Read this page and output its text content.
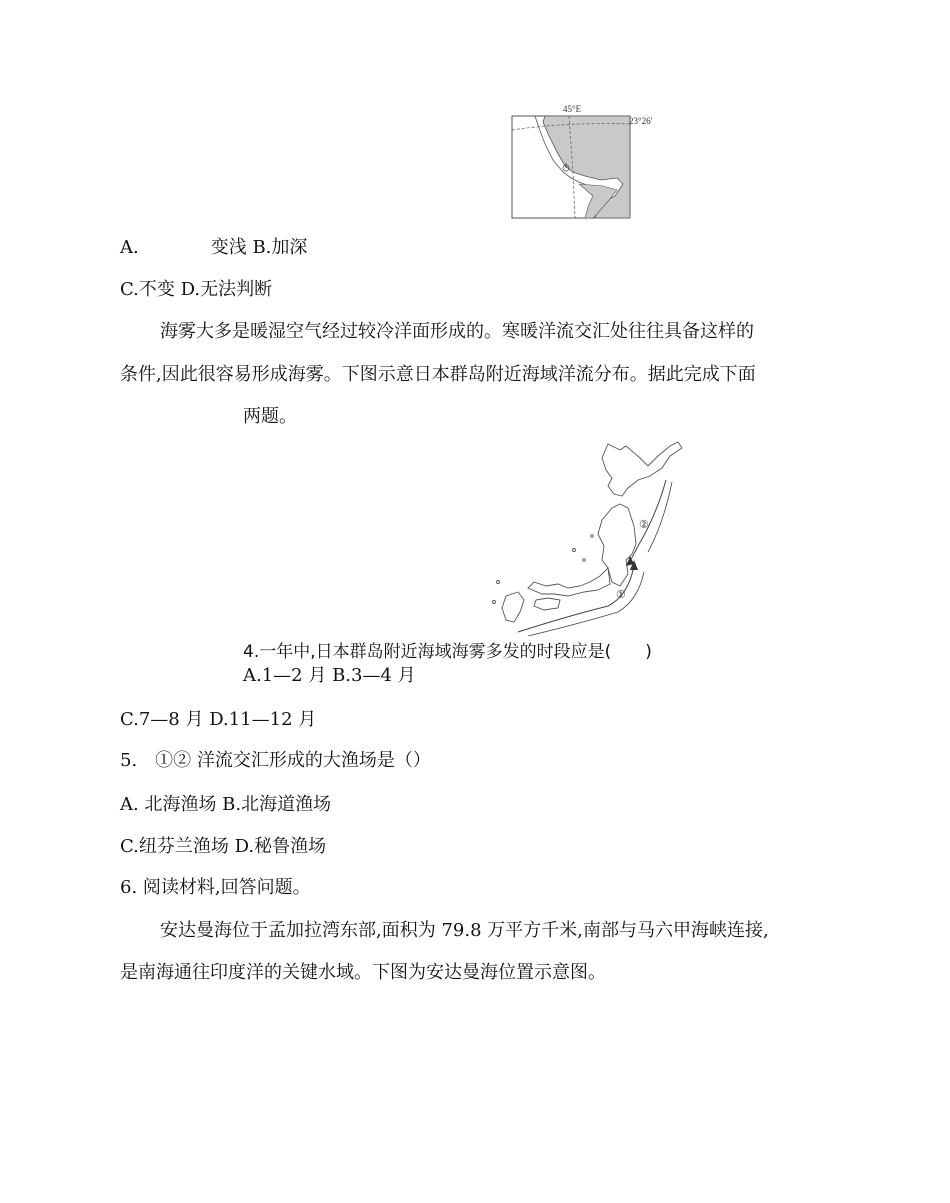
45°E
23°26′
Ⅰ
A.　　　　变浅 B.加深
C.不变 D.无法判断
海雾大多是暖湿空气经过较冷洋面形成的。寒暖洋流交汇处往往具备这样的
条件,因此很容易形成海雾。下图示意日本群岛附近海域洋流分布。据此完成下面
两题。
①
②
4.一年中,日本群岛附近海域海雾多发的时段应是(　　)
A.1—2 月 B.3—4 月
C.7—8 月 D.11—12 月
5.　①② 洋流交汇形成的大渔场是（）
A. 北海渔场 B.北海道渔场
C.纽芬兰渔场 D.秘鲁渔场
6. 阅读材料,回答问题。
安达曼海位于孟加拉湾东部,面积为 79.8 万平方千米,南部与马六甲海峡连接,
是南海通往印度洋的关键水域。下图为安达曼海位置示意图。
